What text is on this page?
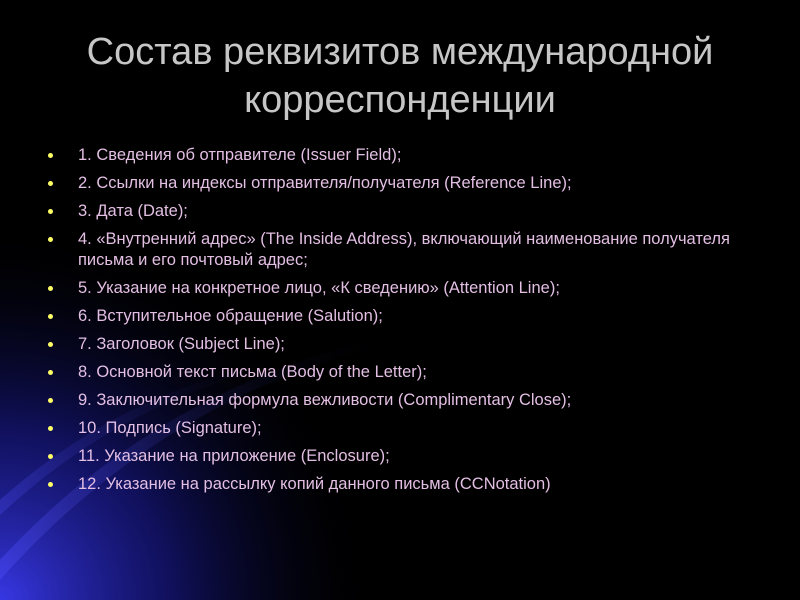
Состав реквизитов международной корреспонденции
1. Сведения об отправителе (Issuer Field);
2. Ссылки на индексы отправителя/получателя (Reference Line);
3. Дата (Date);
4. «Внутренний адрес» (The Inside Address), включающий наименование получателя письма и его почтовый адрес;
5. Указание на конкретное лицо, «К сведению» (Attention Line);
6. Вступительное обращение (Salution);
7. Заголовок (Subject Line);
8. Основной текст письма (Body of the Letter);
9. Заключительная формула вежливости (Complimentary Close);
10. Подпись (Signature);
11. Указание на приложение (Enclosure);
12. Указание на рассылку копий данного письма (CCNotation)
